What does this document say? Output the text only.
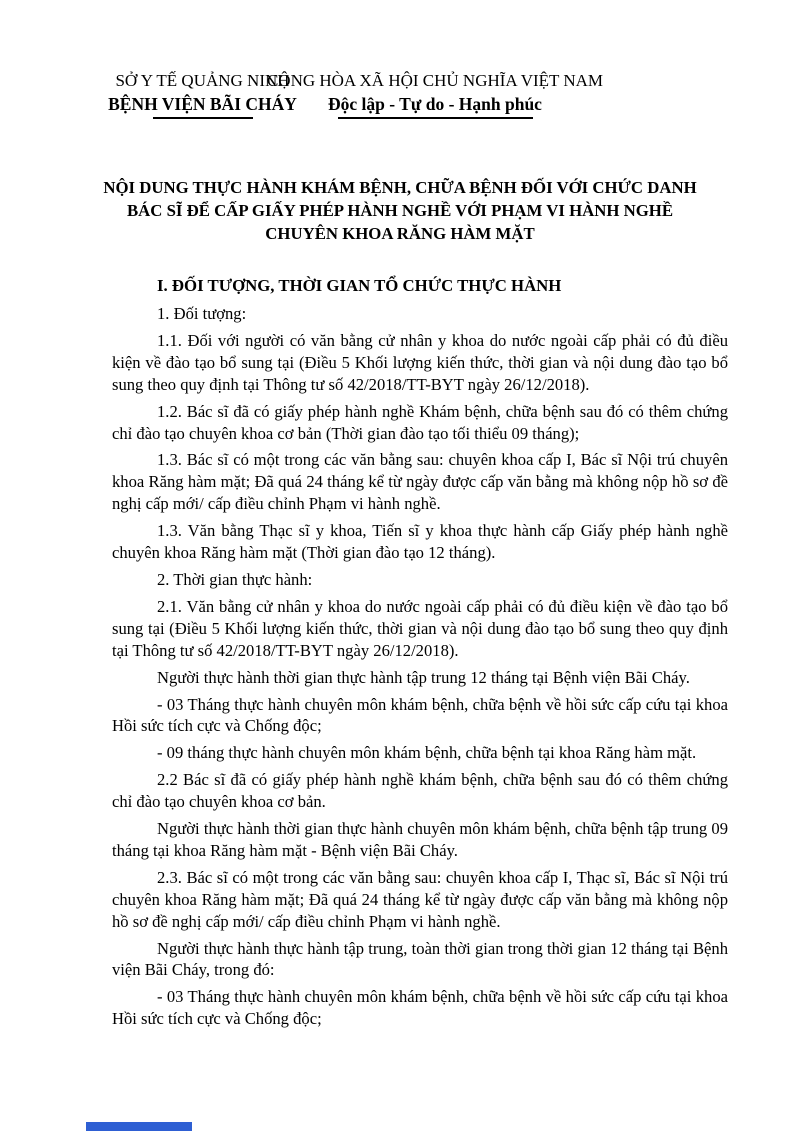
SỞ Y TẾ QUẢNG NINH
BỆNH VIỆN BÃI CHÁY
CỘNG HÒA XÃ HỘI CHỦ NGHĨA VIỆT NAM
Độc lập - Tự do - Hạnh phúc
NỘI DUNG THỰC HÀNH KHÁM BỆNH, CHỮA BỆNH ĐỐI VỚI CHỨC DANH BÁC SĨ ĐỂ CẤP GIẤY PHÉP HÀNH NGHỀ VỚI PHẠM VI HÀNH NGHỀ CHUYÊN KHOA RĂNG HÀM MẶT
I. ĐỐI TƯỢNG, THỜI GIAN TỔ CHỨC THỰC HÀNH

1. Đối tượng:

1.1. Đối với người có văn bằng cử nhân y khoa do nước ngoài cấp phải có đủ điều kiện về đào tạo bổ sung tại (Điều 5 Khối lượng kiến thức, thời gian và nội dung đào tạo bổ sung theo quy định tại Thông tư số 42/2018/TT-BYT ngày 26/12/2018).

1.2. Bác sĩ đã có giấy phép hành nghề Khám bệnh, chữa bệnh sau đó có thêm chứng chỉ đào tạo chuyên khoa cơ bản (Thời gian đào tạo tối thiểu 09 tháng);

1.3. Bác sĩ có một trong các văn bằng sau: chuyên khoa cấp I, Bác sĩ Nội trú chuyên khoa Răng hàm mặt; Đã quá 24 tháng kể từ ngày được cấp văn bằng mà không nộp hồ sơ đề nghị cấp mới/ cấp điều chỉnh Phạm vi hành nghề.

1.3. Văn bằng Thạc sĩ y khoa, Tiến sĩ y khoa thực hành cấp Giấy phép hành nghề chuyên khoa Răng hàm mặt (Thời gian đào tạo 12 tháng).

2. Thời gian thực hành:

2.1. Văn bằng cử nhân y khoa do nước ngoài cấp phải có đủ điều kiện về đào tạo bổ sung tại (Điều 5 Khối lượng kiến thức, thời gian và nội dung đào tạo bổ sung theo quy định tại Thông tư số 42/2018/TT-BYT ngày 26/12/2018).

Người thực hành thời gian thực hành tập trung 12 tháng tại Bệnh viện Bãi Cháy.

- 03 Tháng thực hành chuyên môn khám bệnh, chữa bệnh về hồi sức cấp cứu tại khoa Hồi sức tích cực và Chống độc;

- 09 tháng thực hành chuyên môn khám bệnh, chữa bệnh tại khoa Răng hàm mặt.

2.2 Bác sĩ đã có giấy phép hành nghề khám bệnh, chữa bệnh sau đó có thêm chứng chỉ đào tạo chuyên khoa cơ bản.

Người thực hành thời gian thực hành chuyên môn khám bệnh, chữa bệnh tập trung 09 tháng tại khoa Răng hàm mặt - Bệnh viện Bãi Cháy.

2.3. Bác sĩ có một trong các văn bằng sau: chuyên khoa cấp I, Thạc sĩ, Bác sĩ Nội trú chuyên khoa Răng hàm mặt; Đã quá 24 tháng kể từ ngày được cấp văn bằng mà không nộp hồ sơ đề nghị cấp mới/ cấp điều chỉnh Phạm vi hành nghề.

Người thực hành thực hành tập trung, toàn thời gian trong thời gian 12 tháng tại Bệnh viện Bãi Cháy, trong đó:

- 03 Tháng thực hành chuyên môn khám bệnh, chữa bệnh về hồi sức cấp cứu tại khoa Hồi sức tích cực và Chống độc;
